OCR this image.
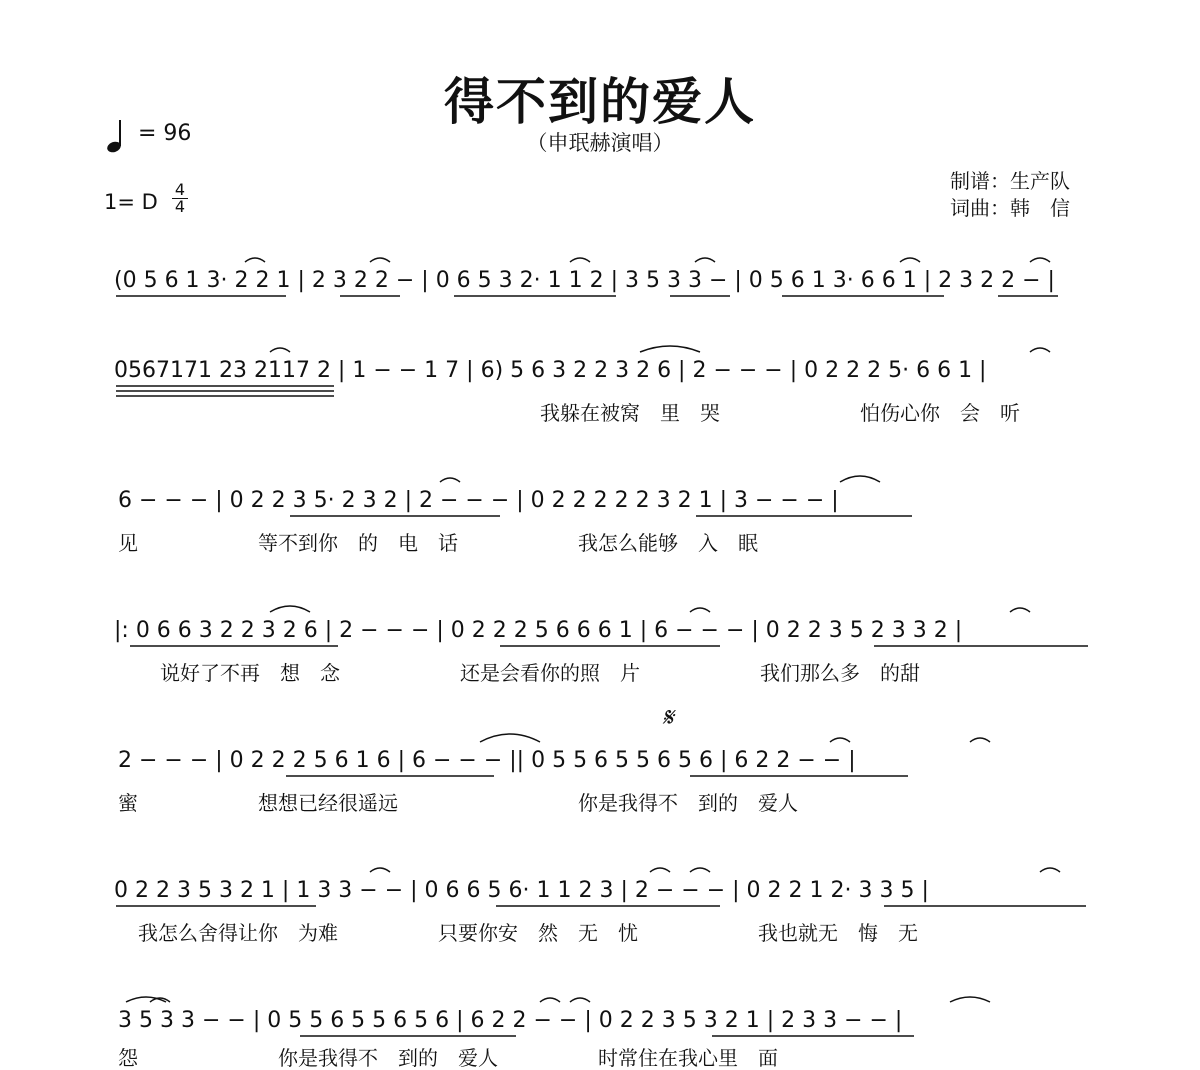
得不到的爱人
（申珉赫演唱）
= 96
1= D
4
4
制谱：生产队
词曲：韩　信
(0 5 6 1 3· 2 2 1 | 2 3 2 2 − | 0 6 5 3 2· 1 1 2 | 3 5 3 3 − | 0 5 6 1 3· 6 6 1 | 2 3 2 2 − |
0567171 23 2117 2 | 1 − − 1 7 | 6) 5 6 3 2 2 3 2 6 | 2 − − − | 0 2 2 2 5· 6 6 1 |
我躲在被窝　里　哭　　　　　　　怕伤心你　会　听
6 − − − | 0 2 2 3 5· 2 3 2 | 2 − − − | 0 2 2 2 2 2 3 2 1 | 3 − − − |
见　　　　　　等不到你　的　电　话　　　　　　我怎么能够　入　眠
|: 0 6 6 3 2 2 3 2 6 | 2 − − − | 0 2 2 2 5 6 6 6 1 | 6 − − − | 0 2 2 3 5 2 3 3 2 |
　说好了不再　想　念　　　　　　还是会看你的照　片　　　　　　我们那么多　的甜
𝄋
2 − − − | 0 2 2 2 5 6 1 6 | 6 − − − || 0 5 5 6 5 5 6 5 6 | 6 2 2 − − |
蜜　　　　　　想想已经很遥远　　　　　　　　　你是我得不　到的　爱人
0 2 2 3 5 3 2 1 | 1 3 3 − − | 0 6 6 5 6· 1 1 2 3 | 2 − − − | 0 2 2 1 2· 3 3 5 |
　我怎么舍得让你　为难　　　　　只要你安　然　无　忧　　　　　　我也就无　悔　无
3 5 3 3 − − | 0 5 5 6 5 5 6 5 6 | 6 2 2 − − | 0 2 2 3 5 3 2 1 | 2 3 3 − − |
怨　　　　　　　你是我得不　到的　爱人　　　　　时常住在我心里　面
